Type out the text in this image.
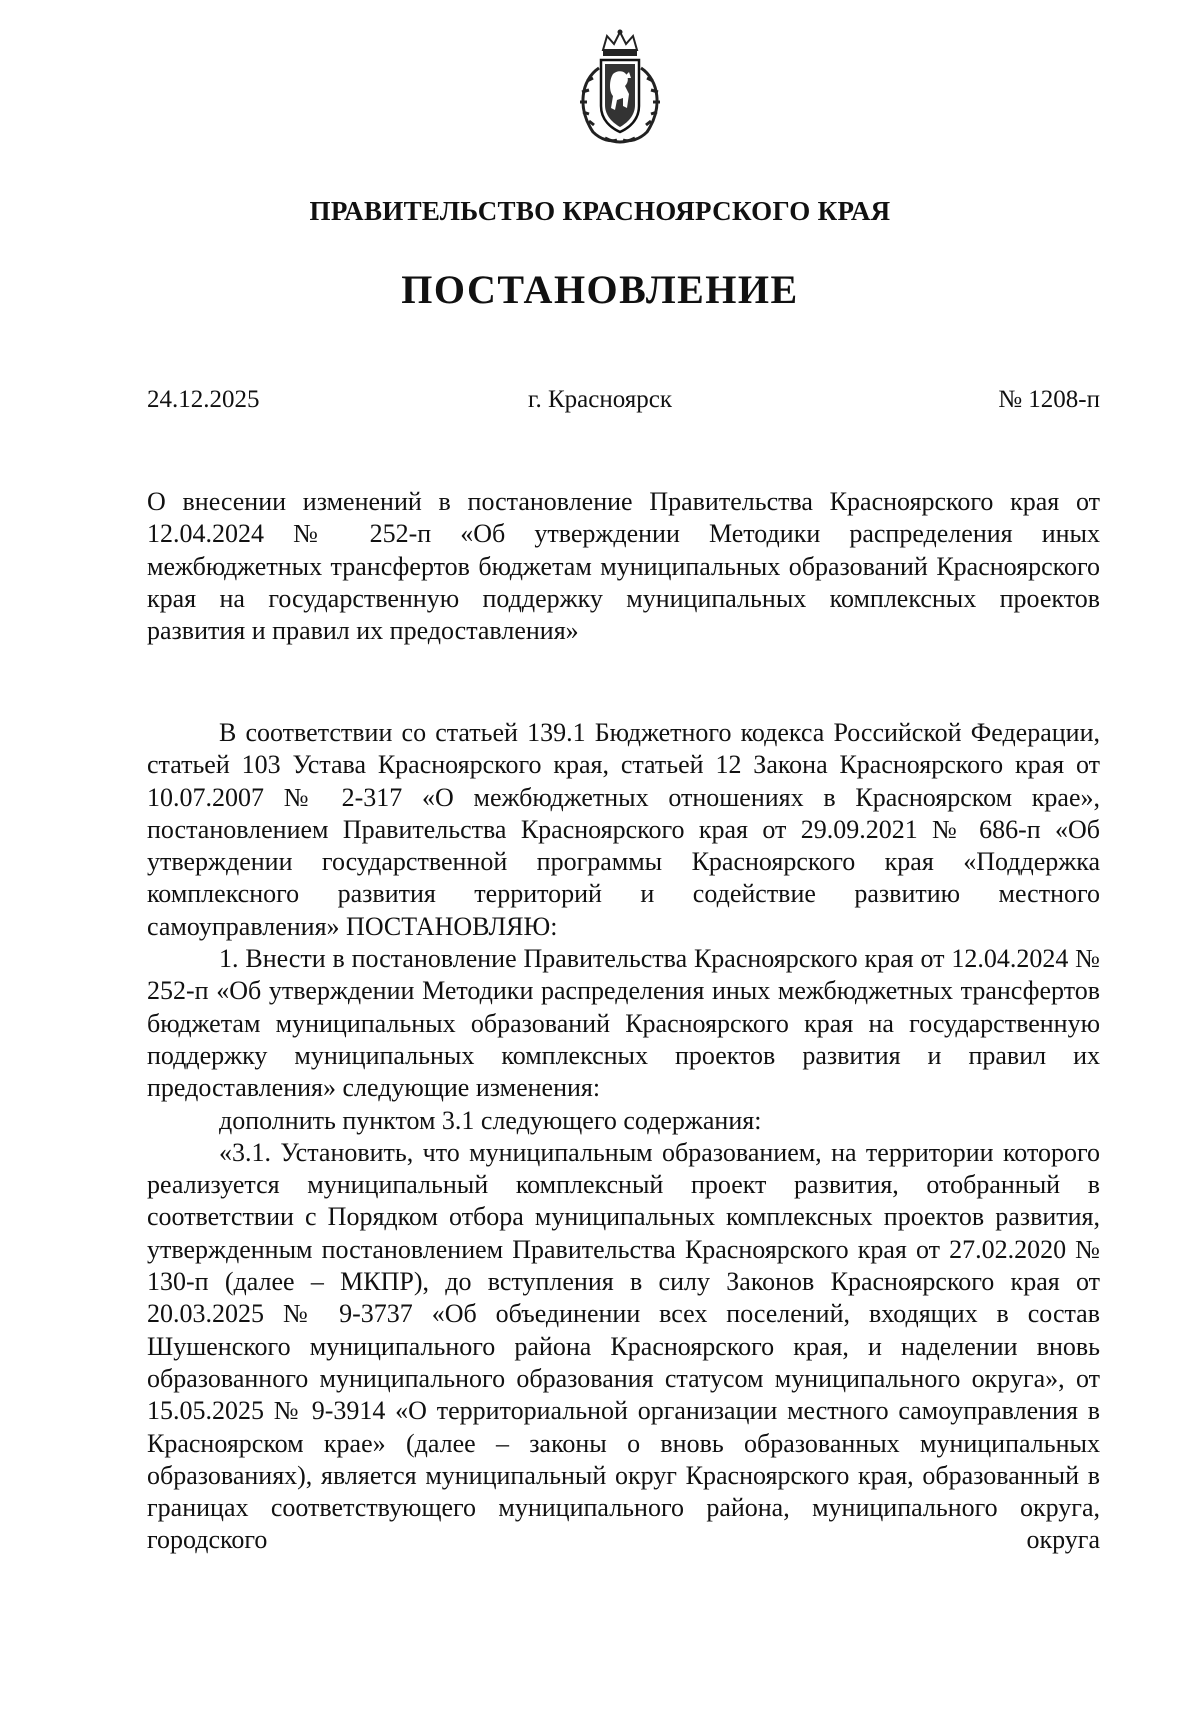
ПРАВИТЕЛЬСТВО КРАСНОЯРСКОГО КРАЯ
ПОСТАНОВЛЕНИЕ
24.12.2025	г. Красноярск	№ 1208-п

О внесении изменений в постановление Правительства Красноярского края от 12.04.2024 № 252-п «Об утверждении Методики распределения иных межбюджетных трансфертов бюджетам муниципальных образований Красноярского края на государственную поддержку муниципальных комплексных проектов развития и правил их предоставления»

В соответствии со статьей 139.1 Бюджетного кодекса Российской Федерации, статьей 103 Устава Красноярского края, статьей 12 Закона Красноярского края от 10.07.2007 № 2-317 «О межбюджетных отношениях в Красноярском крае», постановлением Правительства Красноярского края от 29.09.2021 № 686-п «Об утверждении государственной программы Красноярского края «Поддержка комплексного развития территорий и содействие развитию местного самоуправления» ПОСТАНОВЛЯЮ:

1. Внести в постановление Правительства Красноярского края от 12.04.2024 № 252-п «Об утверждении Методики распределения иных межбюджетных трансфертов бюджетам муниципальных образований Красноярского края на государственную поддержку муниципальных комплексных проектов развития и правил их предоставления» следующие изменения:

дополнить пунктом 3.1 следующего содержания:

«3.1. Установить, что муниципальным образованием, на территории которого реализуется муниципальный комплексный проект развития, отобранный в соответствии с Порядком отбора муниципальных комплексных проектов развития, утвержденным постановлением Правительства Красноярского края от 27.02.2020 № 130-п (далее – МКПР), до вступления в силу Законов Красноярского края от 20.03.2025 № 9-3737 «Об объединении всех поселений, входящих в состав Шушенского муниципального района Красноярского края, и наделении вновь образованного муниципального образования статусом муниципального округа», от 15.05.2025 № 9-3914 «О территориальной организации местного самоуправления в Красноярском крае» (далее – законы о вновь образованных муниципальных образованиях), является муниципальный округ Красноярского края, образованный в границах соответствующего муниципального района, муниципального округа, городского округа
